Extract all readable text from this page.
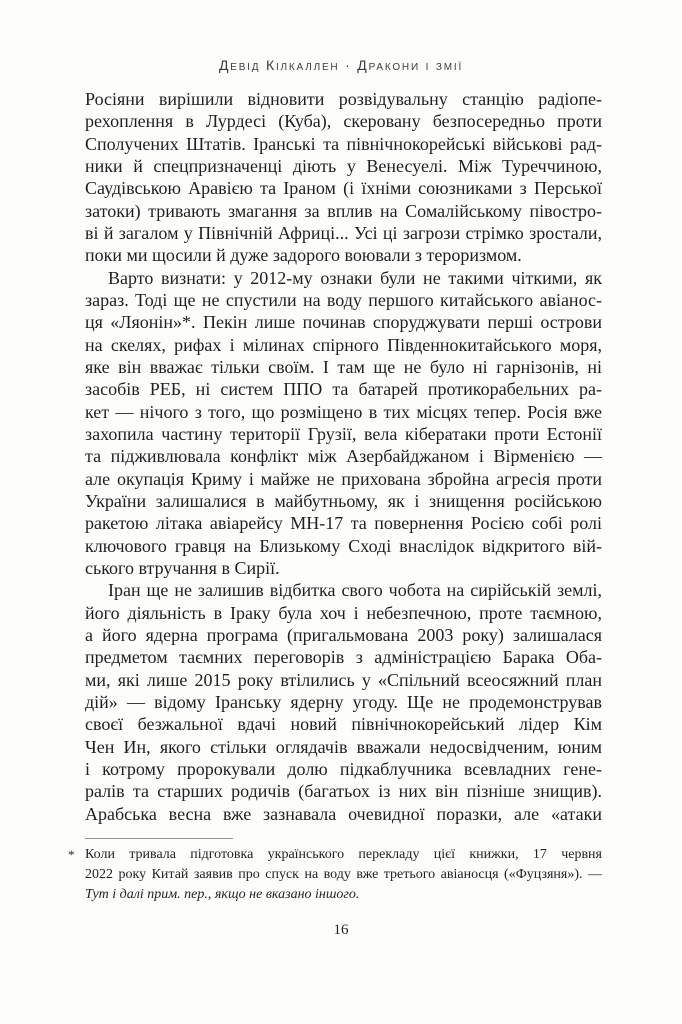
Девід Кілкаллен · Дракони і змії
Росіяни вирішили відновити розвідувальну станцію радіопе-
рехоплення в Лурдесі (Куба), скеровану безпосередньо проти
Сполучених Штатів. Іранські та північнокорейські військові рад-
ники й спецпризначенці діють у Венесуелі. Між Туреччиною,
Саудівською Аравією та Іраном (і їхніми союзниками з Перської
затоки) тривають змагання за вплив на Сомалійському півостро-
ві й загалом у Північній Африці... Усі ці загрози стрімко зростали,
поки ми щосили й дуже задорого воювали з тероризмом.
Варто визнати: у 2012-му ознаки були не такими чіткими, як
зараз. Тоді ще не спустили на воду першого китайського авіанос-
ця «Ляонін»*. Пекін лише починав споруджувати перші острови
на скелях, рифах і мілинах спірного Південнокитайського моря,
яке він вважає тільки своїм. І там ще не було ні гарнізонів, ні
засобів РЕБ, ні систем ППО та батарей протикорабельних ра-
кет — нічого з того, що розміщено в тих місцях тепер. Росія вже
захопила частину території Грузії, вела кібератаки проти Естонії
та підживлювала конфлікт між Азербайджаном і Вірменією —
але окупація Криму і майже не прихована збройна агресія проти
України залишалися в майбутньому, як і знищення російською
ракетою літака авіарейсу МН-17 та повернення Росією собі ролі
ключового гравця на Близькому Сході внаслідок відкритого вій-
ського втручання в Сирії.
Іран ще не залишив відбитка свого чобота на сирійській землі,
його діяльність в Іраку була хоч і небезпечною, проте таємною,
а його ядерна програма (пригальмована 2003 року) залишалася
предметом таємних переговорів з адміністрацією Барака Оба-
ми, які лише 2015 року втілились у «Спільний всеосяжний план
дій» — відому Іранську ядерну угоду. Ще не продемонстрував
своєї безжальної вдачі новий північнокорейський лідер Кім
Чен Ин, якого стільки оглядачів вважали недосвідченим, юним
і котрому пророкували долю підкаблучника всевладних гене-
ралів та старших родичів (багатьох із них він пізніше знищив).
Арабська весна вже зазнавала очевидної поразки, але «атаки
* Коли тривала підготовка українського перекладу цієї книжки, 17 червня
2022 року Китай заявив про спуск на воду вже третього авіаносця («Фуцзяня»). —
Тут і далі прим. пер., якщо не вказано іншого.
16
